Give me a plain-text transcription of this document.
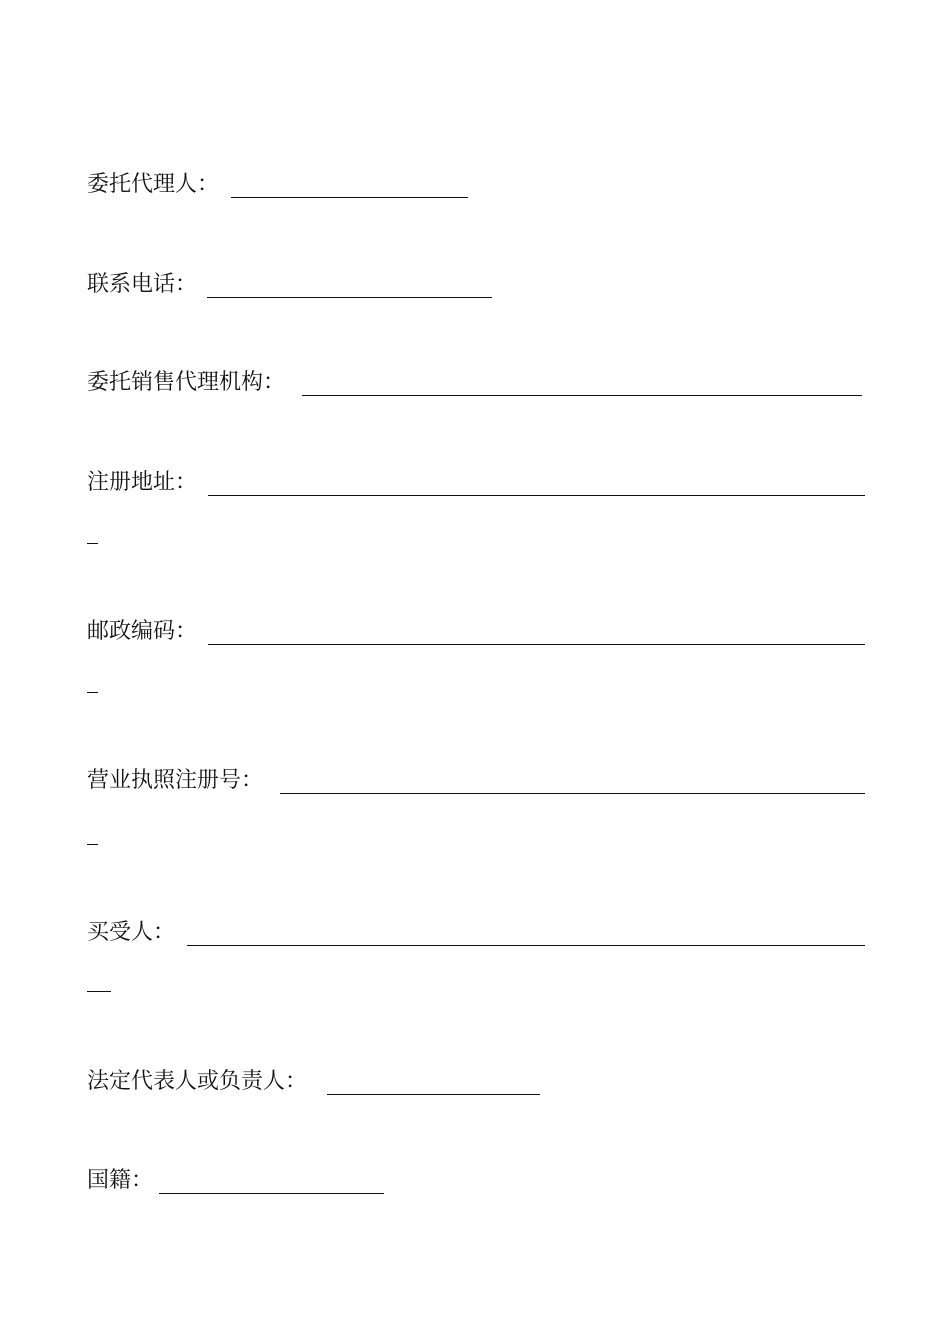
委托代理人：
联系电话：
委托销售代理机构：
注册地址：
邮政编码：
营业执照注册号：
买受人：
法定代表人或负责人：
国籍：
